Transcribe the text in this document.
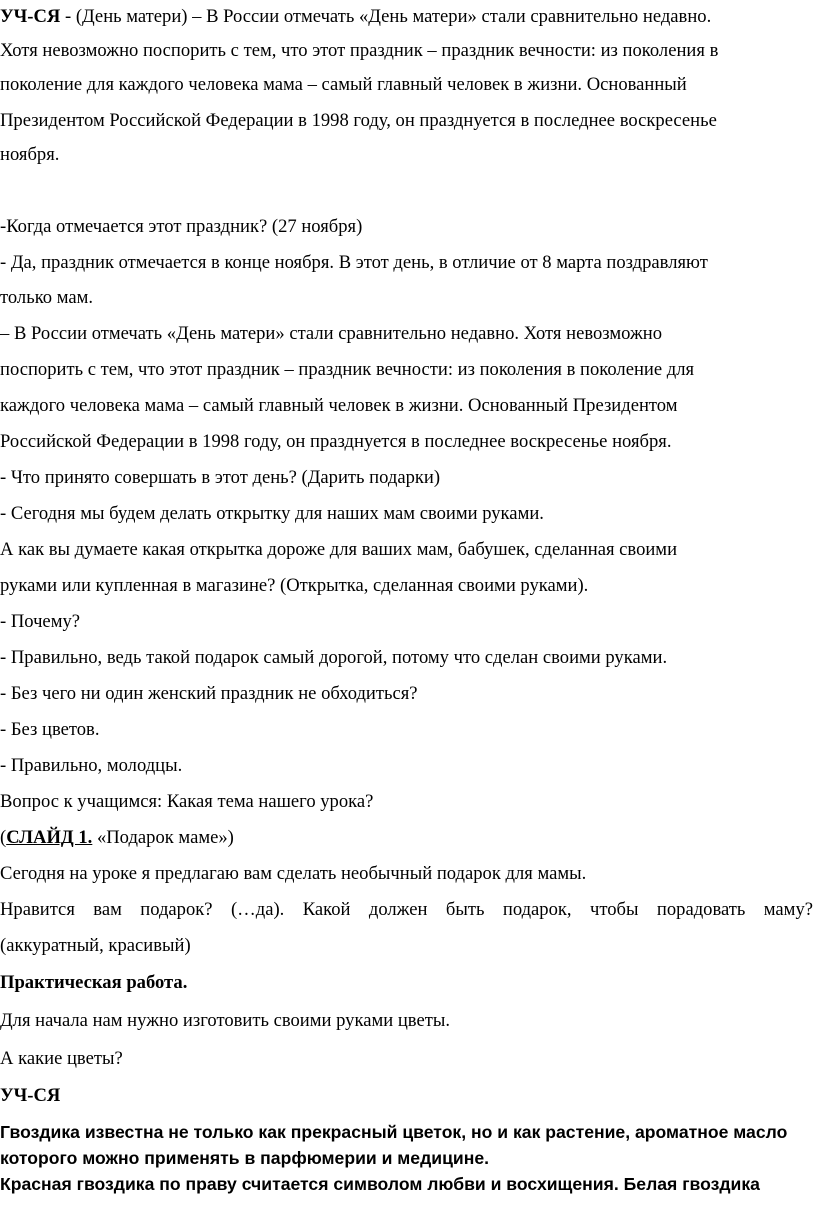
УЧ-СЯ - (День матери) – В России отмечать «День матери» стали сравнительно недавно.
Хотя невозможно поспорить с тем, что этот праздник – праздник вечности: из поколения в
поколение для каждого человека мама – самый главный человек в жизни. Основанный
Президентом Российской Федерации в 1998 году, он празднуется в последнее воскресенье
ноября.
-Когда отмечается этот праздник? (27 ноября)
- Да, праздник отмечается в конце ноября. В этот день, в отличие от 8 марта поздравляют
только мам.
– В России отмечать «День матери» стали сравнительно недавно. Хотя невозможно
поспорить с тем, что этот праздник – праздник вечности: из поколения в поколение для
каждого человека мама – самый главный человек в жизни. Основанный Президентом
Российской Федерации в 1998 году, он празднуется в последнее воскресенье ноября.
- Что принято совершать в этот день? (Дарить подарки)
- Сегодня мы будем делать открытку для наших мам своими руками.
А как вы думаете какая открытка дороже для ваших мам, бабушек, сделанная своими
руками или купленная в магазине? (Открытка, сделанная своими руками).
- Почему?
- Правильно, ведь такой подарок самый дорогой, потому что сделан своими руками.
- Без чего ни один женский праздник не обходиться?
- Без цветов.
- Правильно, молодцы.
Вопрос к учащимся: Какая тема нашего урока?
(СЛАЙД 1. «Подарок маме»)
Сегодня на уроке я предлагаю вам сделать необычный подарок для мамы.
Нравится вам подарок? (…да). Какой должен быть подарок, чтобы порадовать маму?
(аккуратный, красивый)
Практическая работа.
Для начала нам нужно изготовить своими руками цветы.
А какие цветы?
УЧ-СЯ
Гвоздика известна не только как прекрасный цветок, но и как растение, ароматное масло
которого можно применять в парфюмерии и медицине.
Красная гвоздика по праву считается символом любви и восхищения. Белая гвоздика
